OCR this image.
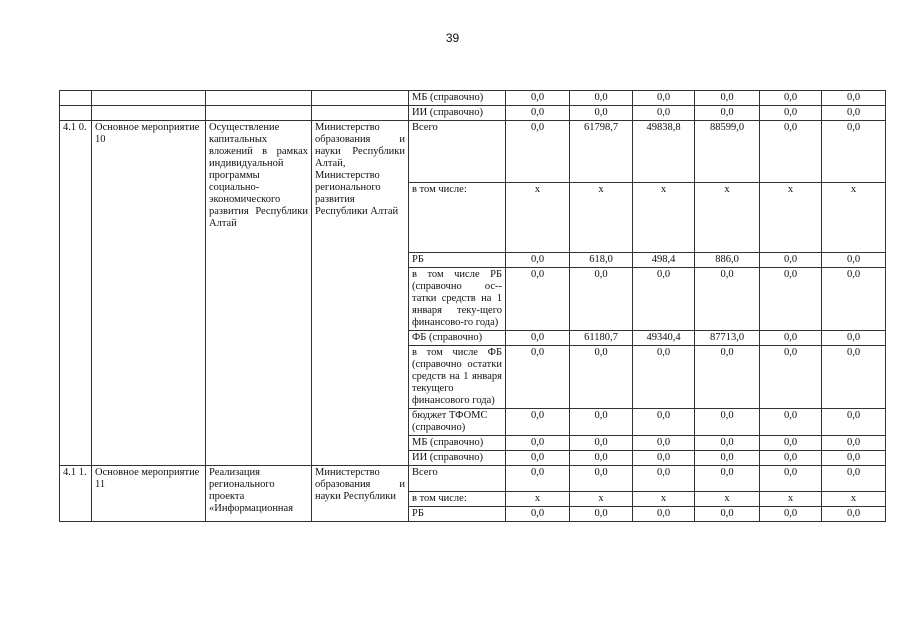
39
				МБ (справочно)	0,0	0,0	0,0	0,0	0,0	0,0
				ИИ (справочно)	0,0	0,0	0,0	0,0	0,0	0,0
4.1 0.	Основное мероприятие 10	Осуществление капитальных вложений в рамках индивидуальной программы социально-экономического развития Республики Алтай	Министерство образования и науки Республики Алтай, Министерство регионального развития Республики Алтай	Всего	0,0	61798,7	49838,8	88599,0	0,0	0,0
				в том числе:	х	х	х	х	х	х
				РБ	0,0	618,0	498,4	886,0	0,0	0,0
				в том числе РБ (справочно ос--татки средств на 1 января теку-щего финансово-го года)	0,0	0,0	0,0	0,0	0,0	0,0
				ФБ (справочно)	0,0	61180,7	49340,4	87713,0	0,0	0,0
				в том числе ФБ (справочно остатки средств на 1 января текущего финансового года)	0,0	0,0	0,0	0,0	0,0	0,0
				бюджет ТФОМС (справочно)	0,0	0,0	0,0	0,0	0,0	0,0
				МБ (справочно)	0,0	0,0	0,0	0,0	0,0	0,0
				ИИ (справочно)	0,0	0,0	0,0	0,0	0,0	0,0
4.1 1.	Основное мероприятие 11	Реализация регионального проекта «Информационная	Министерство образования и науки Республики	Всего	0,0	0,0	0,0	0,0	0,0	0,0
				в том числе:	х	х	х	х	х	х
				РБ	0,0	0,0	0,0	0,0	0,0	0,0
